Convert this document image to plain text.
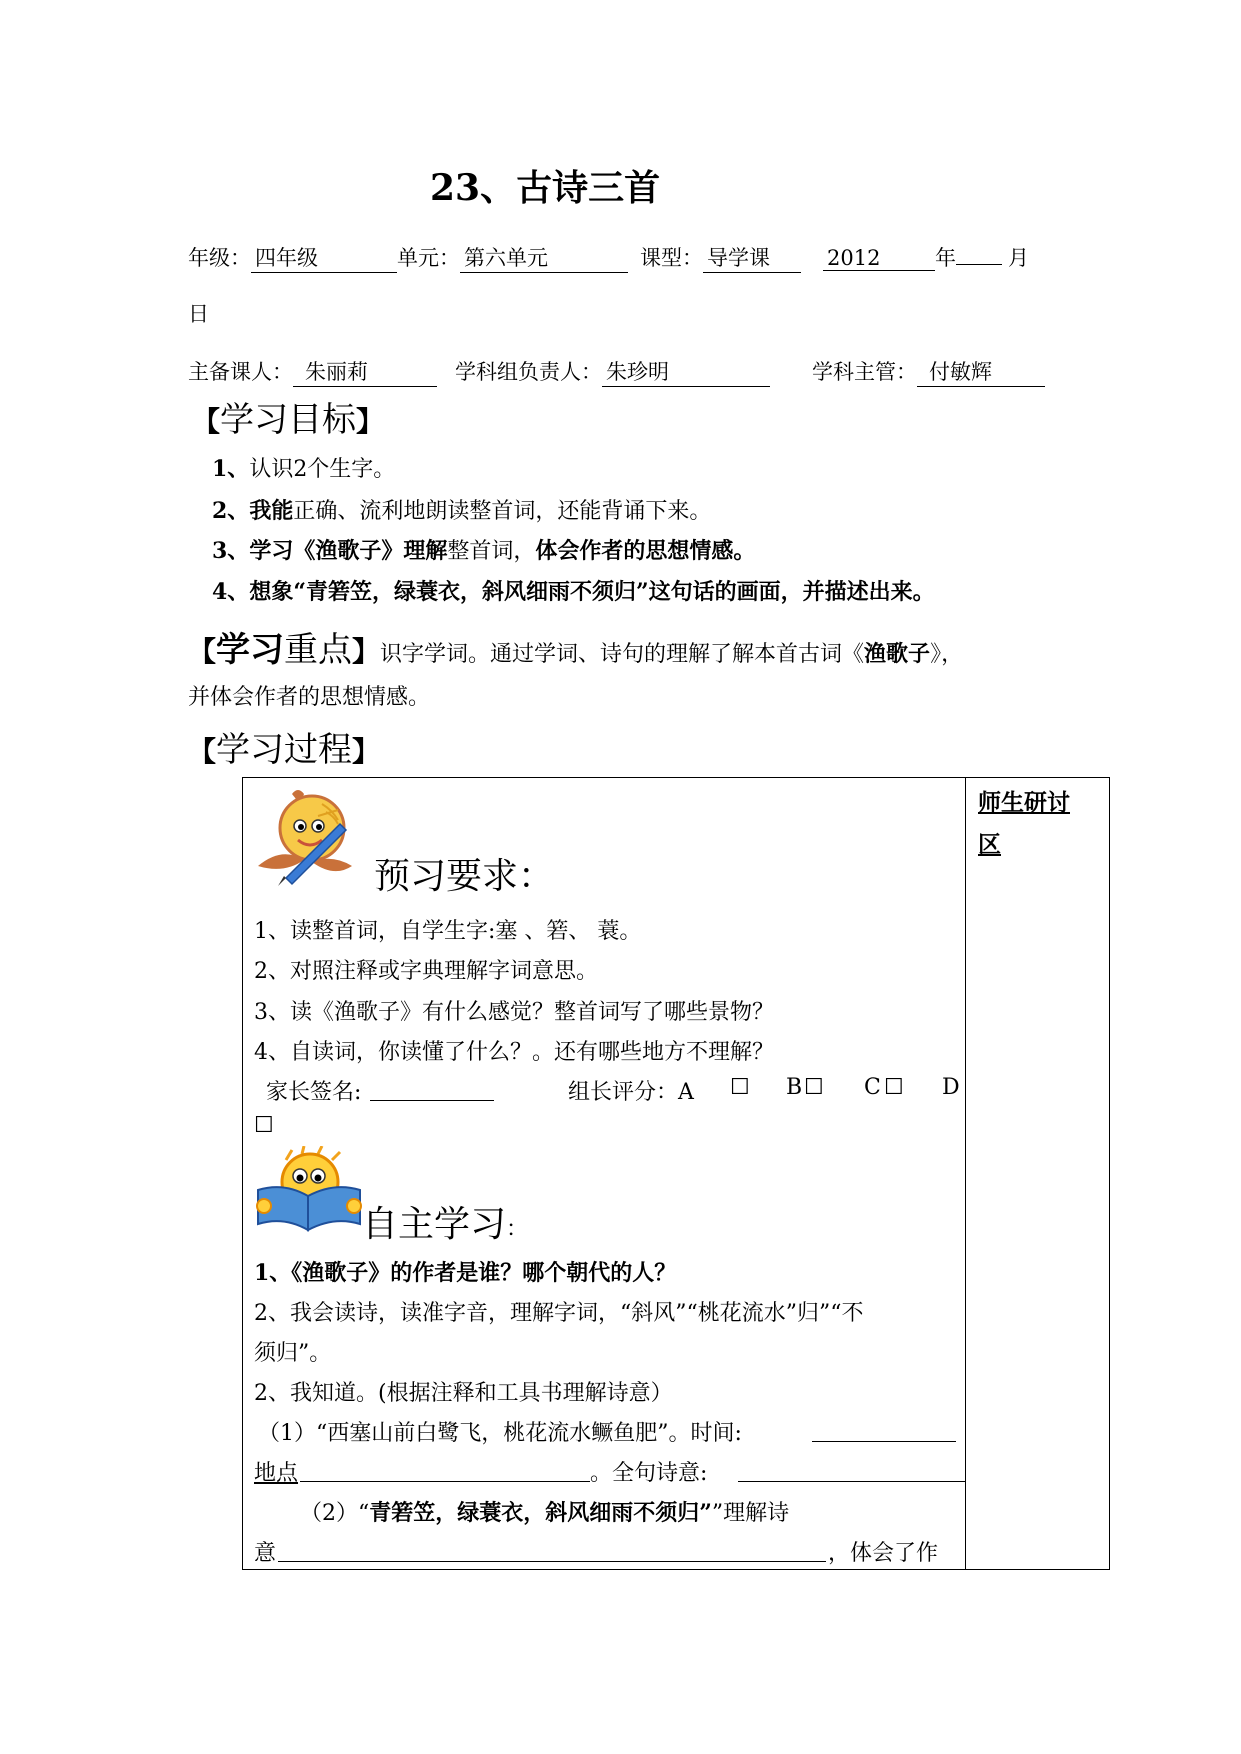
23、古诗三首
年级： 四年级	单元： 第六单元	课型： 导学课	2012	年 月
日
主备课人： 朱丽莉	学科组负责人： 朱珍明	学科主管： 付敏辉
【学习目标】
1、认识2个生字。
2、我能正确、流利地朗读整首词，还能背诵下来。
3、学习《渔歌子》理解整首词，体会作者的思想情感。
4、想象“青箬笠，绿蓑衣，斜风细雨不须归”这句话的画面，并描述出来。
【学习重点】识字学词。通过学词、诗句的理解了解本首古词《渔歌子》，
并体会作者的思想情感。
【学习过程】
师生研讨区
预习要求：
1、读整首词，自学生字:塞 、箬、 蓑。
2、对照注释或字典理解字词意思。
3、读《渔歌子》有什么感觉？整首词写了哪些景物？
4、自读词，你读懂了什么？。还有哪些地方不理解？
家长签名:	组长评分：A ☐ B ☐ C ☐ D
☐
自主学习：
1、《渔歌子》的作者是谁？哪个朝代的人？
2、我会读诗，读准字音，理解字词，“斜风”“桃花流水”归”“不
须归”。
2、我知道。(根据注释和工具书理解诗意）
（1）“西塞山前白鹭飞，桃花流水鳜鱼肥”。时间:
地点	。全句诗意:
（2）“青箬笠，绿蓑衣，斜风细雨不须归””理解诗
意	，体会了作
